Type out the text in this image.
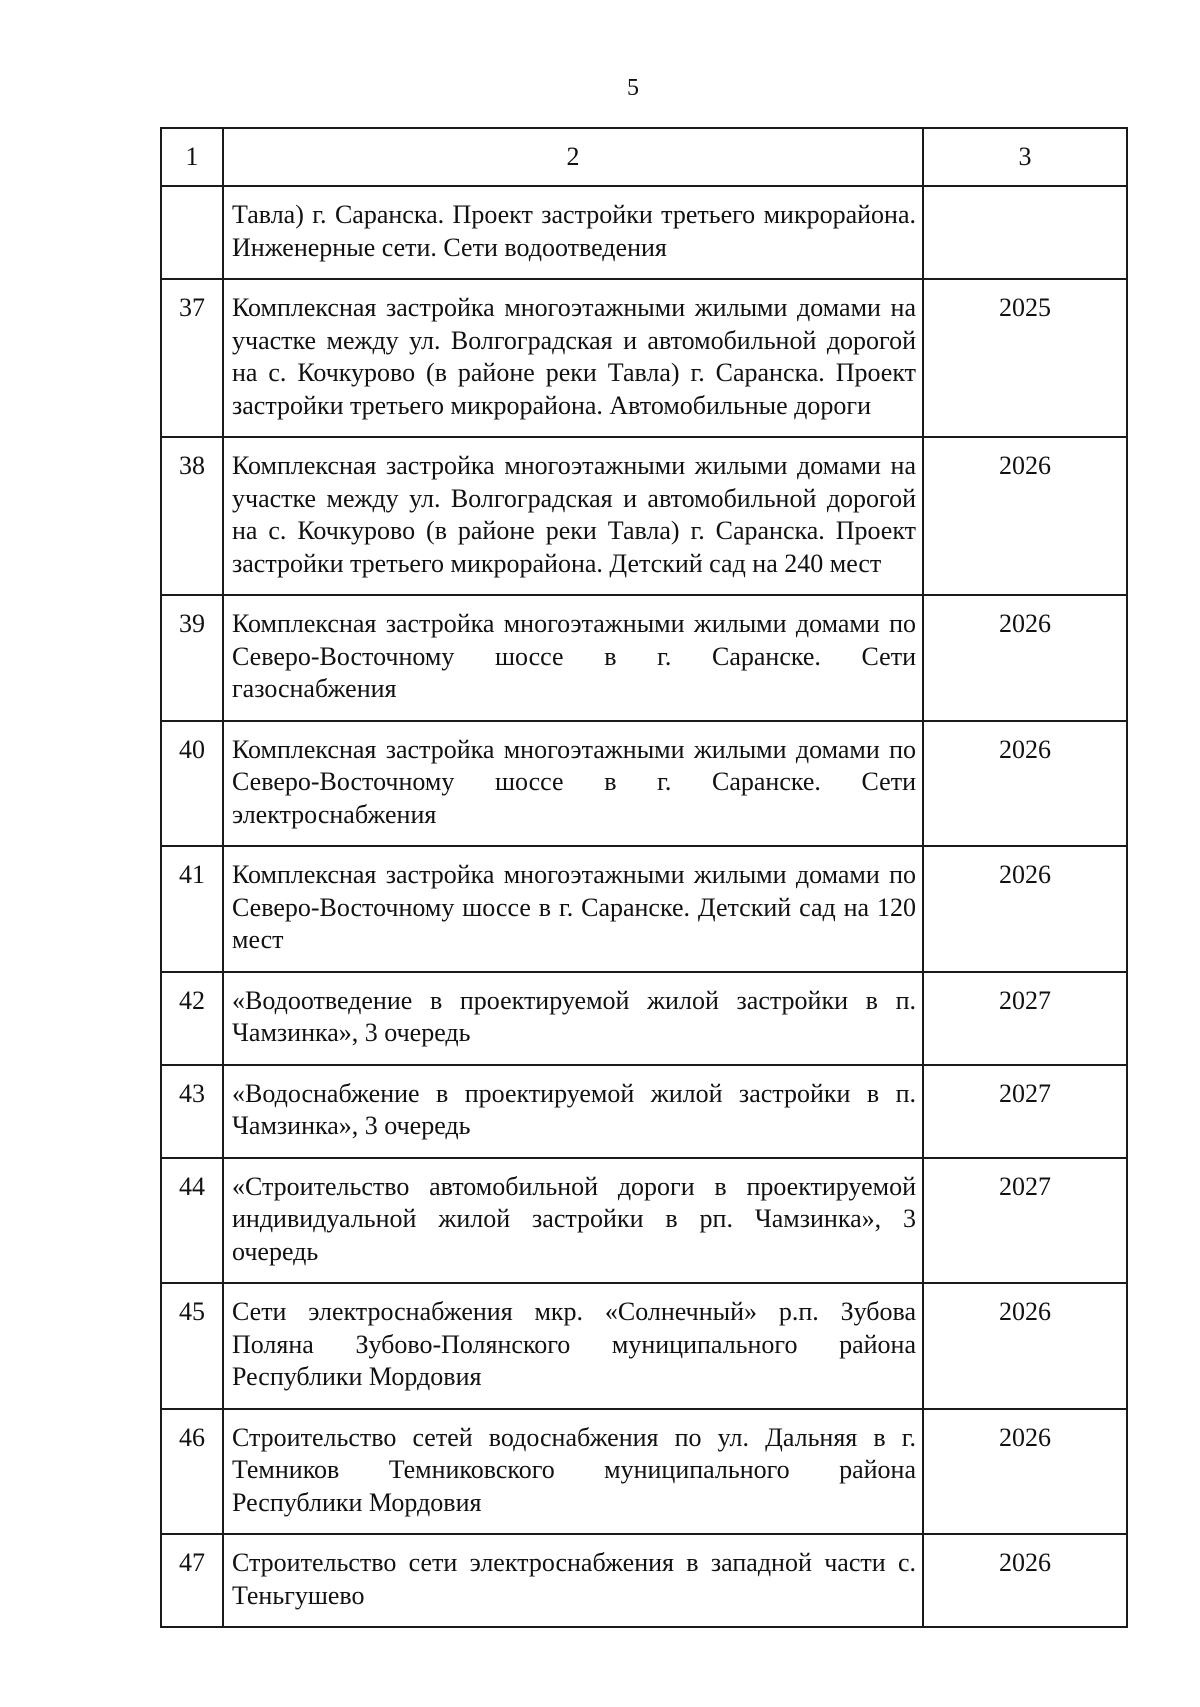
5
1	2	3

	Тавла) г. Саранска. Проект застройки третьего микрорайона. Инженерные сети. Сети водоотведения	

37	Комплексная застройка многоэтажными жилыми домами на участке между ул. Волгоградская и автомобильной дорогой на с. Кочкурово (в районе реки Тавла) г. Саранска. Проект застройки третьего микрорайона. Автомобильные дороги	2025
38	Комплексная застройка многоэтажными жилыми домами на участке между ул. Волгоградская и автомобильной дорогой на с. Кочкурово (в районе реки Тавла) г. Саранска. Проект застройки третьего микрорайона. Детский сад на 240 мест	2026
39	Комплексная застройка многоэтажными жилыми домами по Северо-Восточному шоссе в г. Саранске. Сети газоснабжения	2026
40	Комплексная застройка многоэтажными жилыми домами по Северо-Восточному шоссе в г. Саранске. Сети электроснабжения	2026
41	Комплексная застройка многоэтажными жилыми домами по Северо-Восточному шоссе в г. Саранске. Детский сад на 120 мест	2026
42	«Водоотведение в проектируемой жилой застройки в п. Чамзинка», 3 очередь	2027
43	«Водоснабжение в проектируемой жилой застройки в п. Чамзинка», 3 очередь	2027
44	«Строительство автомобильной дороги в проектируемой индивидуальной жилой застройки в рп. Чамзинка», 3 очередь	2027
45	Сети электроснабжения мкр. «Солнечный» р.п. Зубова Поляна Зубово-Полянского муниципального района Республики Мордовия	2026
46	Строительство сетей водоснабжения по ул. Дальняя в г. Темников Темниковского муниципального района Республики Мордовия	2026
47	Строительство сети электроснабжения в западной части с. Теньгушево	2026
